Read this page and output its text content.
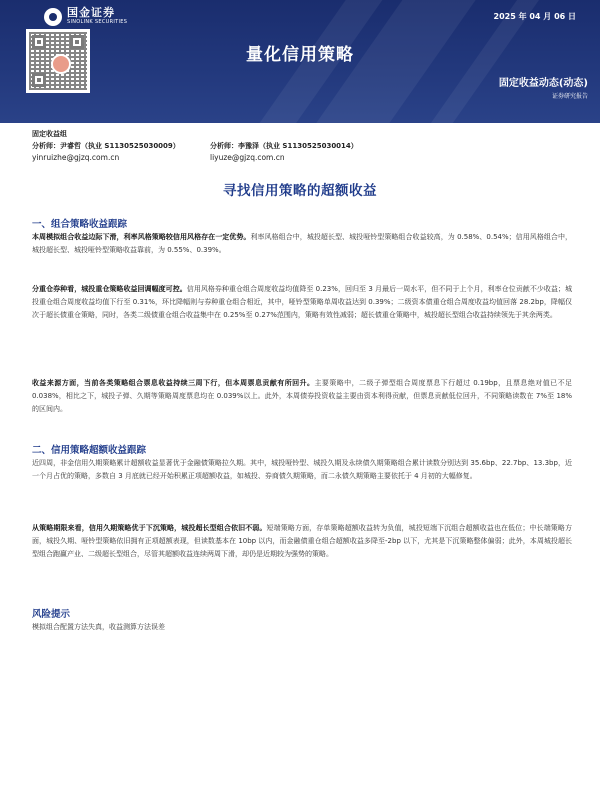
国金证券
SINOLINK SECURITIES
2025 年 04 月 06 日
量化信用策略
固定收益动态(动态)
证券研究报告
固定收益组
分析师：尹睿哲（执业 S1130525030009）	分析师：李豫泽（执业 S1130525030014）
yinruizhe@gjzq.com.cn	liyuze@gjzq.com.cn
寻找信用策略的超额收益
一、组合策略收益跟踪
本周模拟组合收益边际下滑，利率风格策略较信用风格存在一定优势。利率风格组合中，城投超长型、城投哑铃型策略组合收益较高，为 0.58%、0.54%；信用风格组合中，城投超长型、城投哑铃型策略收益靠前，为 0.55%、0.39%。
分重仓券种看，城投重仓策略收益回调幅度可控。信用风格券种重仓组合周度收益均值降至 0.23%，回归至 3 月最后一周水平，但不同于上个月，利率仓位贡献不少收益；城投重仓组合周度收益均值下行至 0.31%，环比降幅则与券种重仓组合相近，其中，哑铃型策略单周收益达到 0.39%；二级资本债重仓组合周度收益均值回落 28.2bp，降幅仅次于超长债重仓策略，同时，各类二级债重仓组合收益集中在 0.25%至 0.27%范围内，策略有效性减弱；超长债重仓策略中，城投超长型组合收益持续领先于其余两类。
收益来源方面，当前各类策略组合票息收益持续三周下行，但本周票息贡献有所回升。主要策略中，二级子弹型组合周度票息下行超过 0.19bp，且票息绝对值已不足 0.038%，相比之下，城投子弹、久期等策略周度票息均在 0.039%以上。此外，本周债券投资收益主要由资本利得贡献，但票息贡献低位回升，不同策略读数在 7%至 18%的区间内。
二、信用策略超额收益跟踪
近四周，非金信用久期策略累计超额收益显著优于金融债策略拉久期。其中，城投哑铃型、城投久期及永续债久期策略组合累计读数分别达到 35.6bp、22.7bp、13.3bp，近一个月占优的策略，多数自 3 月底就已经开始积累正项超额收益，如城投、券商债久期策略，而二永债久期策略主要依托于 4 月初的大幅修复。
从策略期限来看，信用久期策略优于下沉策略，城投超长型组合依旧不弱。短端策略方面，存单策略超额收益转为负值，城投短端下沉组合超额收益也在低位；中长端策略方面，城投久期、哑铃型策略依旧拥有正项超额表现，但读数基本在 10bp 以内，而金融债重仓组合超额收益多降至-2bp 以下，尤其是下沉策略整体偏弱；此外，本周城投超长型组合跑赢产业、二级超长型组合，尽管其超额收益连续两周下滑，却仍是近期较为强势的策略。
风险提示
模拟组合配置方法失真，收益测算方法误差
